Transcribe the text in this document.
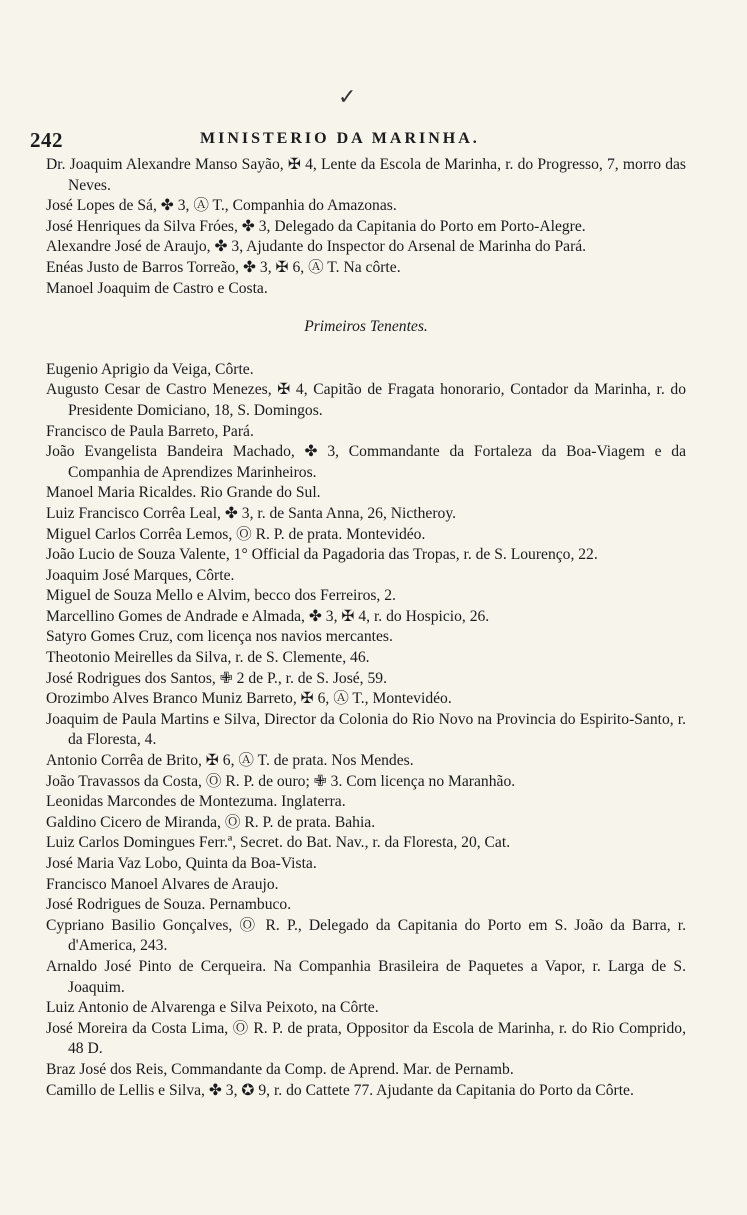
✓
242	MINISTERIO DA MARINHA.

Dr. Joaquim Alexandre Manso Sayão, ✠ 4, Lente da Escola de Marinha, r. do Progresso, 7, morro das Neves.

José Lopes de Sá, ✤ 3, Ⓐ T., Companhia do Amazonas.

José Henriques da Silva Fróes, ✤ 3, Delegado da Capitania do Porto em Porto-Alegre.

Alexandre José de Araujo, ✤ 3, Ajudante do Inspector do Arsenal de Marinha do Pará.

Enéas Justo de Barros Torreão, ✤ 3, ✠ 6, Ⓐ T. Na côrte.

Manoel Joaquim de Castro e Costa.

Primeiros Tenentes.

Eugenio Aprigio da Veiga, Côrte.

Augusto Cesar de Castro Menezes, ✠ 4, Capitão de Fragata honorario, Contador da Marinha, r. do Presidente Domiciano, 18, S. Domingos.

Francisco de Paula Barreto, Pará.

João Evangelista Bandeira Machado, ✤ 3, Commandante da Fortaleza da Boa-Viagem e da Companhia de Aprendizes Marinheiros.

Manoel Maria Ricaldes. Rio Grande do Sul.

Luiz Francisco Corrêa Leal, ✤ 3, r. de Santa Anna, 26, Nictheroy.

Miguel Carlos Corrêa Lemos, Ⓞ R. P. de prata. Montevidéo.

João Lucio de Souza Valente, 1° Official da Pagadoria das Tropas, r. de S. Lourenço, 22.

Joaquim José Marques, Côrte.

Miguel de Souza Mello e Alvim, becco dos Ferreiros, 2.

Marcellino Gomes de Andrade e Almada, ✤ 3, ✠ 4, r. do Hospicio, 26.

Satyro Gomes Cruz, com licença nos navios mercantes.

Theotonio Meirelles da Silva, r. de S. Clemente, 46.

José Rodrigues dos Santos, ✙ 2 de P., r. de S. José, 59.

Orozimbo Alves Branco Muniz Barreto, ✠ 6, Ⓐ T., Montevidéo.

Joaquim de Paula Martins e Silva, Director da Colonia do Rio Novo na Provincia do Espirito-Santo, r. da Floresta, 4.

Antonio Corrêa de Brito, ✠ 6, Ⓐ T. de prata. Nos Mendes.

João Travassos da Costa, Ⓞ R. P. de ouro; ✙ 3. Com licença no Maranhão.

Leonidas Marcondes de Montezuma. Inglaterra.

Galdino Cicero de Miranda, Ⓞ R. P. de prata. Bahia.

Luiz Carlos Domingues Ferr.ª, Secret. do Bat. Nav., r. da Floresta, 20, Cat.

José Maria Vaz Lobo, Quinta da Boa-Vista.

Francisco Manoel Alvares de Araujo.

José Rodrigues de Souza. Pernambuco.

Cypriano Basilio Gonçalves, Ⓞ R. P., Delegado da Capitania do Porto em S. João da Barra, r. d'America, 243.

Arnaldo José Pinto de Cerqueira. Na Companhia Brasileira de Paquetes a Vapor, r. Larga de S. Joaquim.

Luiz Antonio de Alvarenga e Silva Peixoto, na Côrte.

José Moreira da Costa Lima, Ⓞ R. P. de prata, Oppositor da Escola de Marinha, r. do Rio Comprido, 48 D.

Braz José dos Reis, Commandante da Comp. de Aprend. Mar. de Pernamb.

Camillo de Lellis e Silva, ✤ 3, ✪ 9, r. do Cattete 77. Ajudante da Capitania do Porto da Côrte.
